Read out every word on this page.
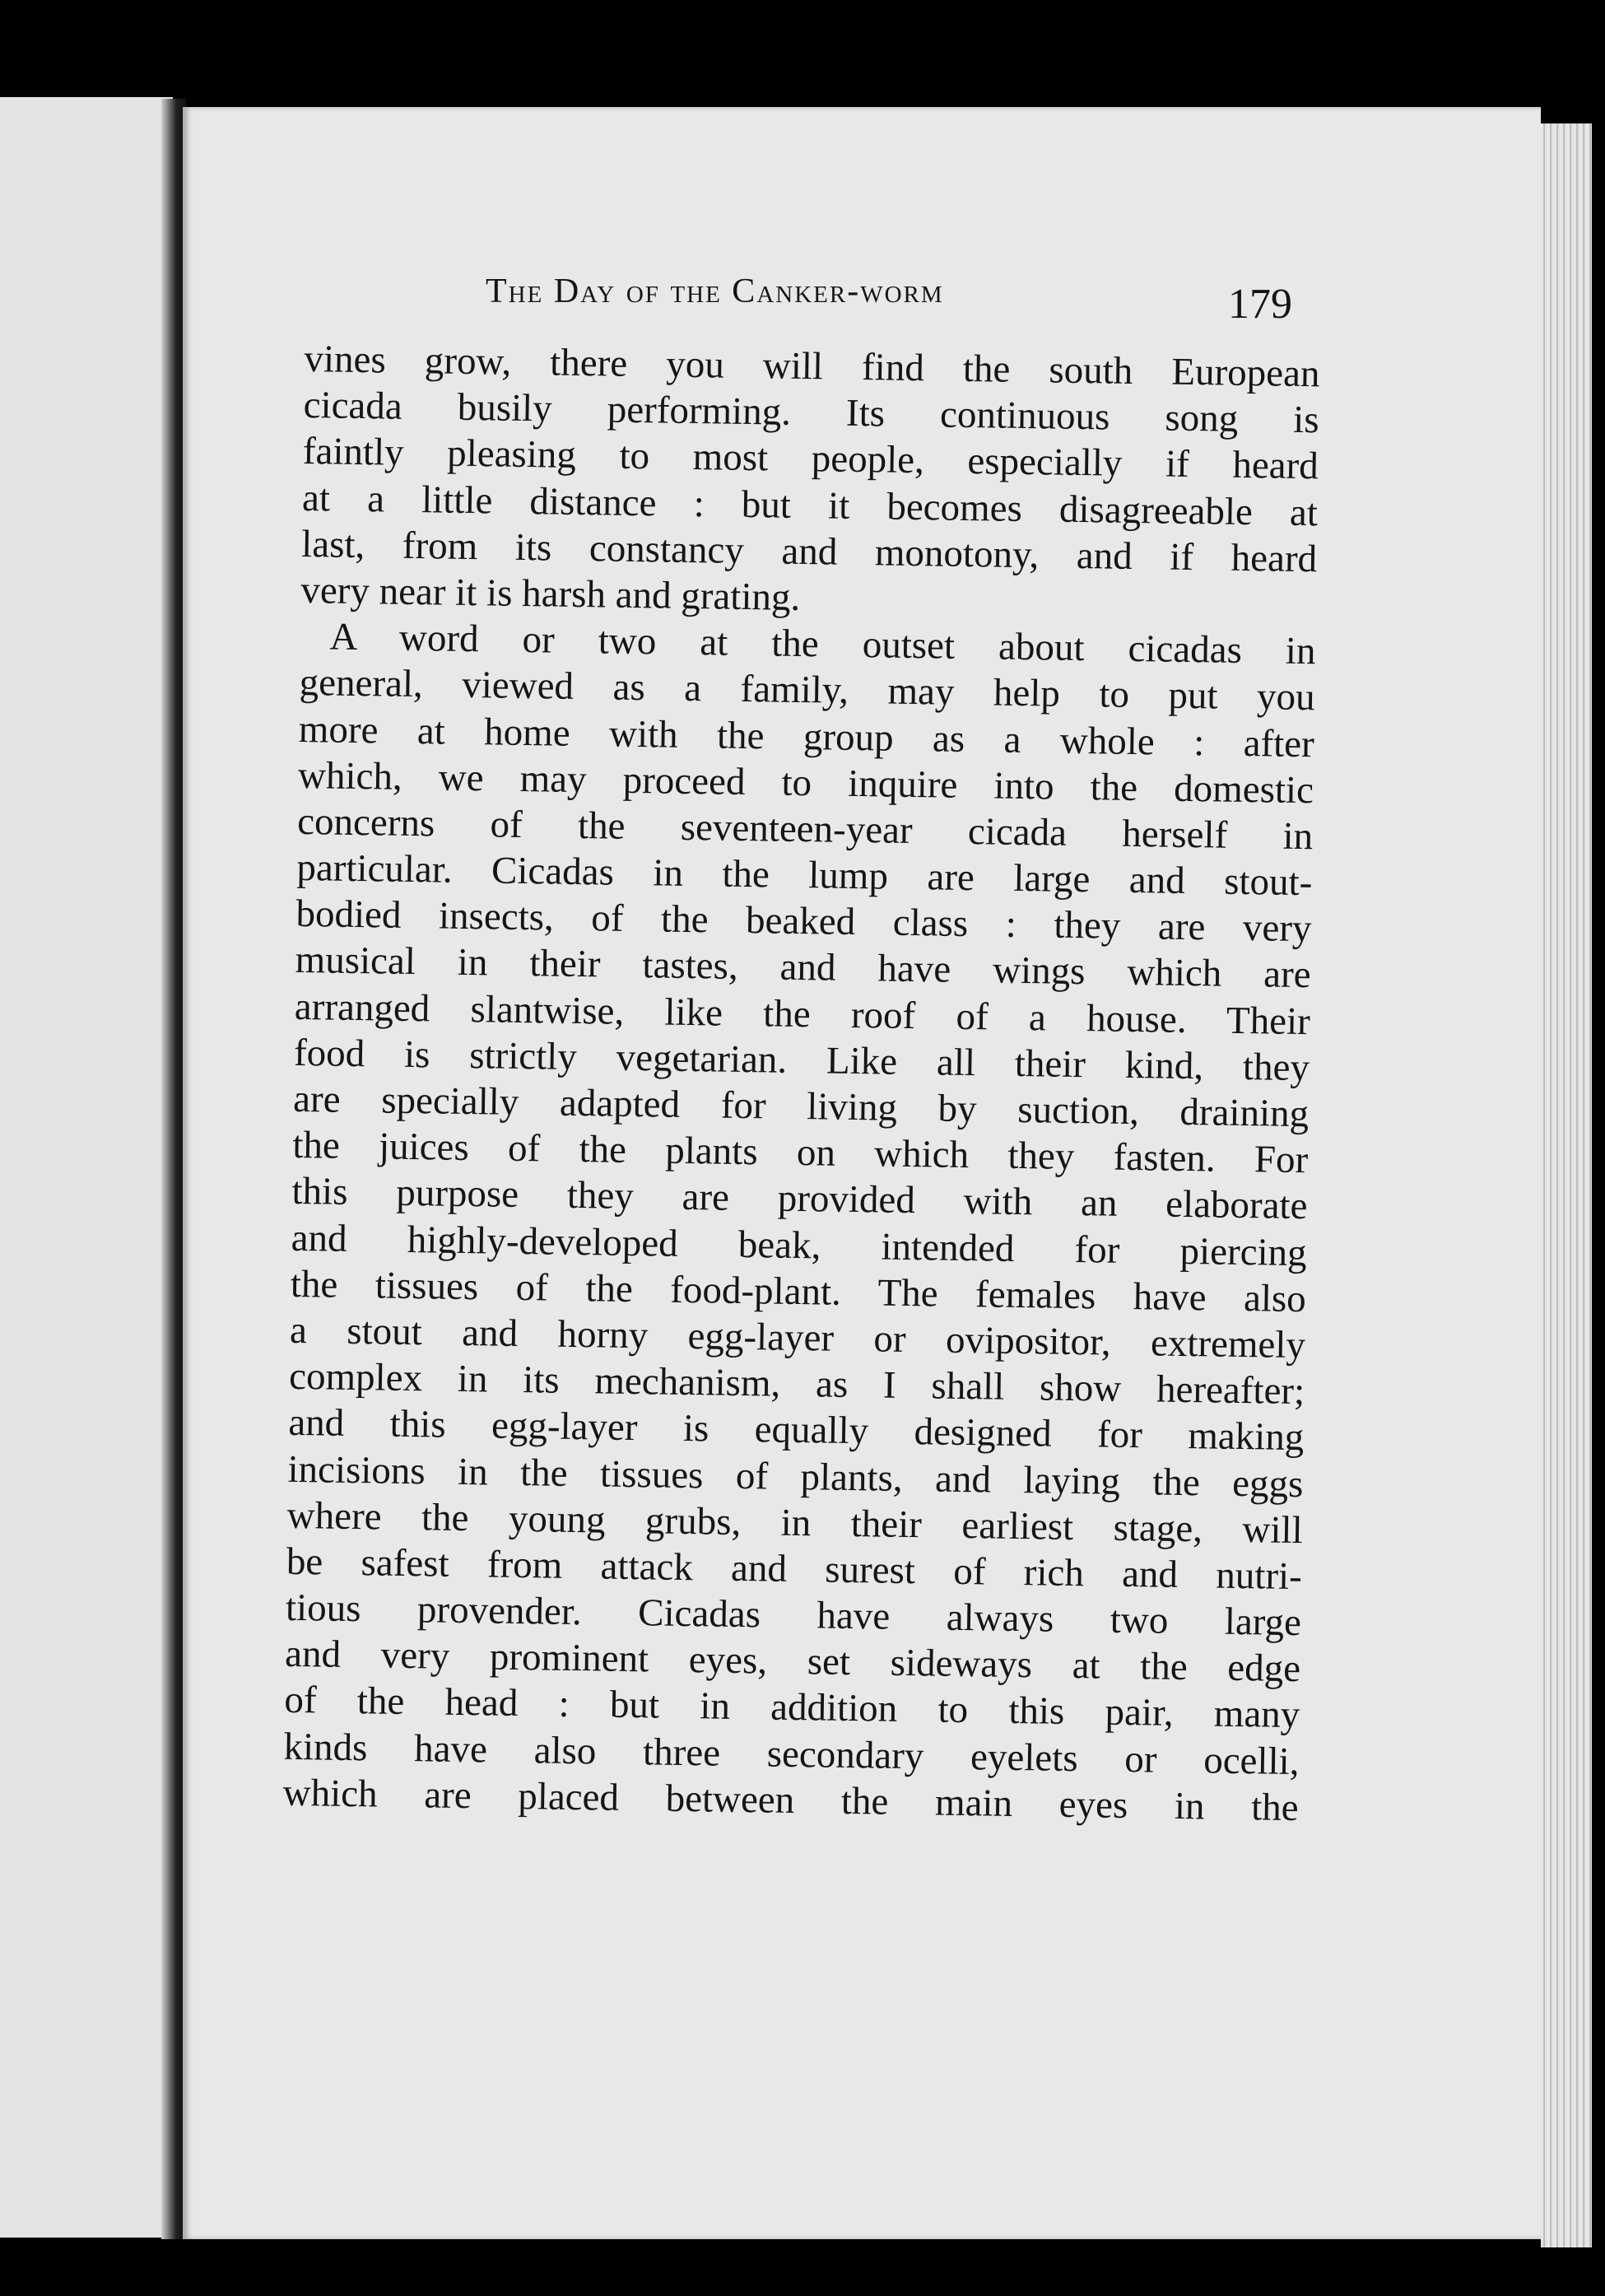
The Day of the Canker-worm	179
vines grow, there you will find the south European
cicada busily performing. Its continuous song is
faintly pleasing to most people, especially if heard
at a little distance : but it becomes disagreeable at
last, from its constancy and monotony, and if heard
very near it is harsh and grating.
A word or two at the outset about cicadas in
general, viewed as a family, may help to put you
more at home with the group as a whole : after
which, we may proceed to inquire into the domestic
concerns of the seventeen-year cicada herself in
particular. Cicadas in the lump are large and stout-
bodied insects, of the beaked class : they are very
musical in their tastes, and have wings which are
arranged slantwise, like the roof of a house. Their
food is strictly vegetarian. Like all their kind, they
are specially adapted for living by suction, draining
the juices of the plants on which they fasten. For
this purpose they are provided with an elaborate
and highly-developed beak, intended for piercing
the tissues of the food-plant. The females have also
a stout and horny egg-layer or ovipositor, extremely
complex in its mechanism, as I shall show hereafter;
and this egg-layer is equally designed for making
incisions in the tissues of plants, and laying the eggs
where the young grubs, in their earliest stage, will
be safest from attack and surest of rich and nutri-
tious provender. Cicadas have always two large
and very prominent eyes, set sideways at the edge
of the head : but in addition to this pair, many
kinds have also three secondary eyelets or ocelli,
which are placed between the main eyes in the
